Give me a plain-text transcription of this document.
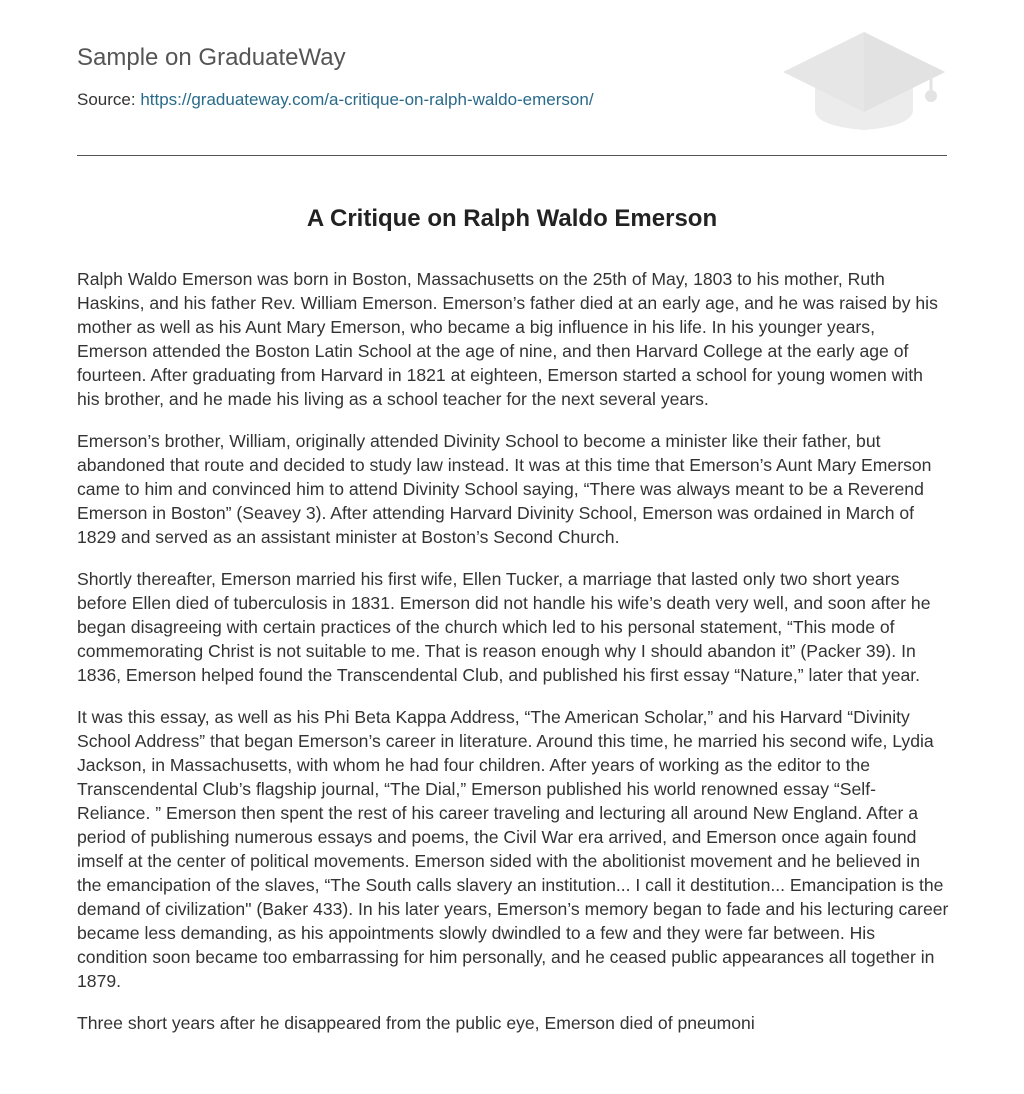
Sample on GraduateWay
Source: https://graduateway.com/a-critique-on-ralph-waldo-emerson/
A Critique on Ralph Waldo Emerson

Ralph Waldo Emerson was born in Boston, Massachusetts on the 25th of May, 1803 to his mother, Ruth Haskins, and his father Rev. William Emerson. Emerson’s father died at an early age, and he was raised by his mother as well as his Aunt Mary Emerson, who became a big influence in his life. In his younger years, Emerson attended the Boston Latin School at the age of nine, and then Harvard College at the early age of fourteen. After graduating from Harvard in 1821 at eighteen, Emerson started a school for young women with his brother, and he made his living as a school teacher for the next several years.

Emerson’s brother, William, originally attended Divinity School to become a minister like their father, but abandoned that route and decided to study law instead. It was at this time that Emerson’s Aunt Mary Emerson came to him and convinced him to attend Divinity School saying, “There was always meant to be a Reverend Emerson in Boston” (Seavey 3). After attending Harvard Divinity School, Emerson was ordained in March of 1829 and served as an assistant minister at Boston’s Second Church.

Shortly thereafter, Emerson married his first wife, Ellen Tucker, a marriage that lasted only two short years before Ellen died of tuberculosis in 1831. Emerson did not handle his wife’s death very well, and soon after he began disagreeing with certain practices of the church which led to his personal statement, “This mode of commemorating Christ is not suitable to me. That is reason enough why I should abandon it” (Packer 39). In 1836, Emerson helped found the Transcendental Club, and published his first essay “Nature,” later that year.

It was this essay, as well as his Phi Beta Kappa Address, “The American Scholar,” and his Harvard “Divinity School Address” that began Emerson’s career in literature. Around this time, he married his second wife, Lydia Jackson, in Massachusetts, with whom he had four children. After years of working as the editor to the Transcendental Club’s flagship journal, “The Dial,” Emerson published his world renowned essay “Self-Reliance. ” Emerson then spent the rest of his career traveling and lecturing all around New England. After a period of publishing numerous essays and poems, the Civil War era arrived, and Emerson once again found imself at the center of political movements. Emerson sided with the abolitionist movement and he believed in the emancipation of the slaves, “The South calls slavery an institution... I call it destitution... Emancipation is the demand of civilization" (Baker 433). In his later years, Emerson’s memory began to fade and his lecturing career became less demanding, as his appointments slowly dwindled to a few and they were far between. His condition soon became too embarrassing for him personally, and he ceased public appearances all together in 1879.

Three short years after he disappeared from the public eye, Emerson died of pneumoni
